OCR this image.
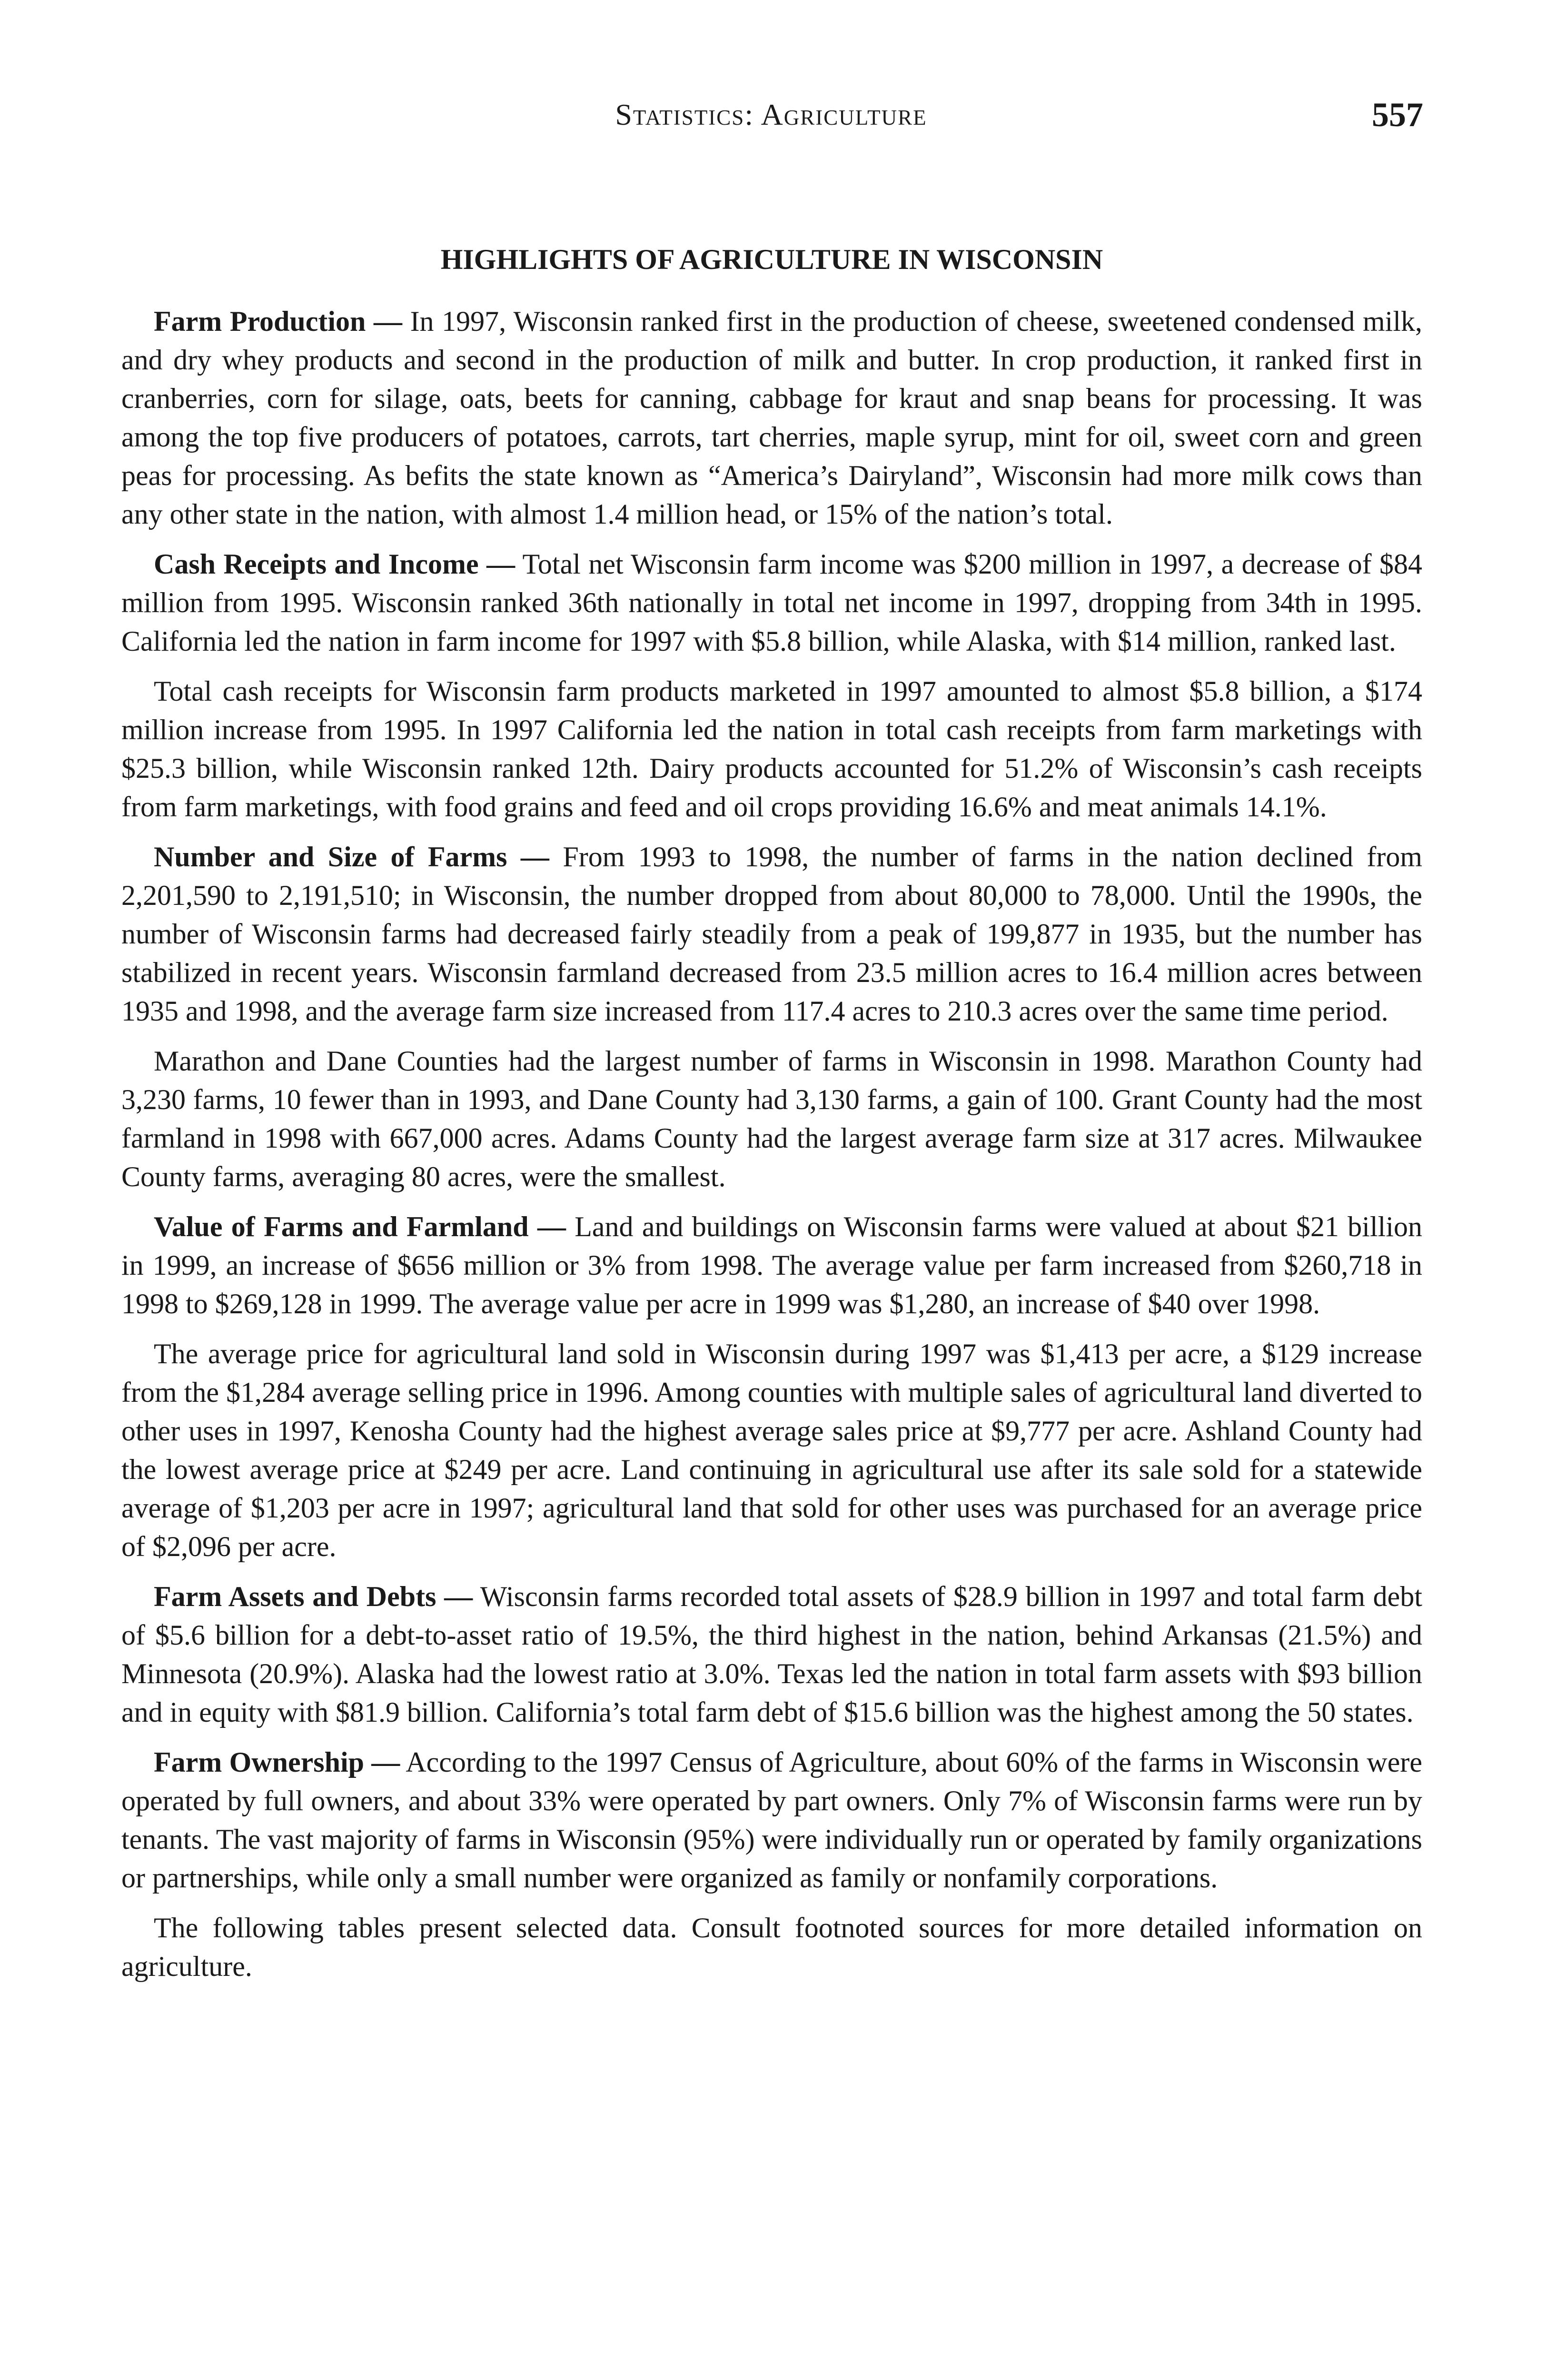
Statistics: Agriculture	557
HIGHLIGHTS OF AGRICULTURE IN WISCONSIN

Farm Production — In 1997, Wisconsin ranked first in the production of cheese, sweetened condensed milk, and dry whey products and second in the production of milk and butter. In crop production, it ranked first in cranberries, corn for silage, oats, beets for canning, cabbage for kraut and snap beans for processing. It was among the top five producers of potatoes, carrots, tart cherries, maple syrup, mint for oil, sweet corn and green peas for processing. As befits the state known as “America’s Dairyland”, Wisconsin had more milk cows than any other state in the nation, with almost 1.4 million head, or 15% of the nation’s total.

Cash Receipts and Income — Total net Wisconsin farm income was $200 million in 1997, a decrease of $84 million from 1995. Wisconsin ranked 36th nationally in total net income in 1997, dropping from 34th in 1995. California led the nation in farm income for 1997 with $5.8 billion, while Alaska, with $14 million, ranked last.

Total cash receipts for Wisconsin farm products marketed in 1997 amounted to almost $5.8 billion, a $174 million increase from 1995. In 1997 California led the nation in total cash receipts from farm marketings with $25.3 billion, while Wisconsin ranked 12th. Dairy products accounted for 51.2% of Wisconsin’s cash receipts from farm marketings, with food grains and feed and oil crops providing 16.6% and meat animals 14.1%.

Number and Size of Farms — From 1993 to 1998, the number of farms in the nation declined from 2,201,590 to 2,191,510; in Wisconsin, the number dropped from about 80,000 to 78,000. Until the 1990s, the number of Wisconsin farms had decreased fairly steadily from a peak of 199,877 in 1935, but the number has stabilized in recent years. Wisconsin farmland decreased from 23.5 million acres to 16.4 million acres between 1935 and 1998, and the average farm size increased from 117.4 acres to 210.3 acres over the same time period.

Marathon and Dane Counties had the largest number of farms in Wisconsin in 1998. Marathon County had 3,230 farms, 10 fewer than in 1993, and Dane County had 3,130 farms, a gain of 100. Grant County had the most farmland in 1998 with 667,000 acres. Adams County had the largest average farm size at 317 acres. Milwaukee County farms, averaging 80 acres, were the smallest.

Value of Farms and Farmland — Land and buildings on Wisconsin farms were valued at about $21 billion in 1999, an increase of $656 million or 3% from 1998. The average value per farm increased from $260,718 in 1998 to $269,128 in 1999. The average value per acre in 1999 was $1,280, an increase of $40 over 1998.

The average price for agricultural land sold in Wisconsin during 1997 was $1,413 per acre, a $129 increase from the $1,284 average selling price in 1996. Among counties with multiple sales of agricultural land diverted to other uses in 1997, Kenosha County had the highest average sales price at $9,777 per acre. Ashland County had the lowest average price at $249 per acre. Land continuing in agricultural use after its sale sold for a statewide average of $1,203 per acre in 1997; agricultural land that sold for other uses was purchased for an average price of $2,096 per acre.

Farm Assets and Debts — Wisconsin farms recorded total assets of $28.9 billion in 1997 and total farm debt of $5.6 billion for a debt-to-asset ratio of 19.5%, the third highest in the nation, behind Arkansas (21.5%) and Minnesota (20.9%). Alaska had the lowest ratio at 3.0%. Texas led the nation in total farm assets with $93 billion and in equity with $81.9 billion. California’s total farm debt of $15.6 billion was the highest among the 50 states.

Farm Ownership — According to the 1997 Census of Agriculture, about 60% of the farms in Wisconsin were operated by full owners, and about 33% were operated by part owners. Only 7% of Wisconsin farms were run by tenants. The vast majority of farms in Wisconsin (95%) were individually run or operated by family organizations or partnerships, while only a small number were organized as family or nonfamily corporations.

The following tables present selected data. Consult footnoted sources for more detailed information on agriculture.
